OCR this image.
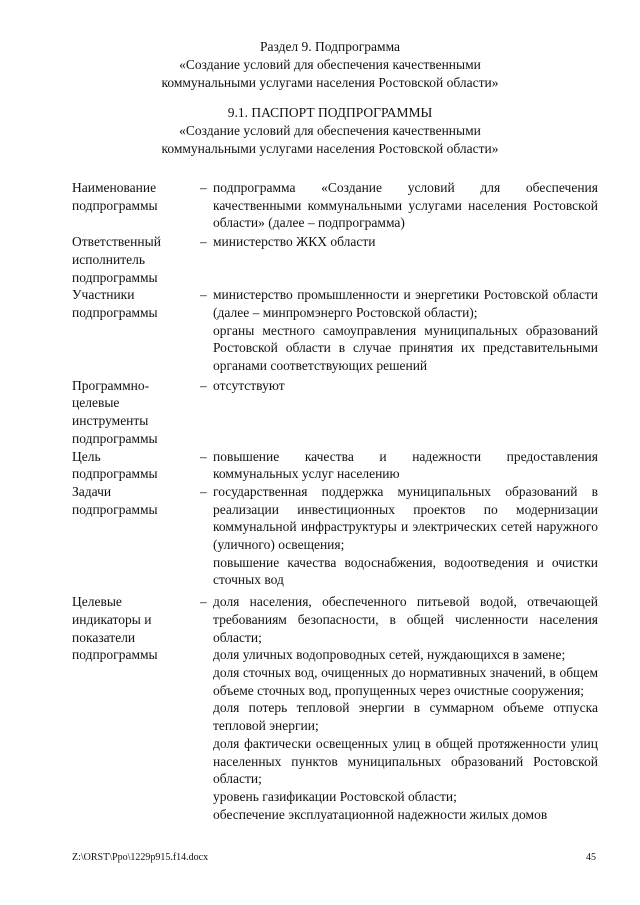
Раздел 9. Подпрограмма
«Создание условий для обеспечения качественными
коммунальными услугами населения Ростовской области»
9.1. ПАСПОРТ ПОДПРОГРАММЫ
«Создание условий для обеспечения качественными
коммунальными услугами населения Ростовской области»
Наименование
подпрограммы
– подпрограмма «Создание условий для обеспечения качественными коммунальными услугами населения Ростовской области» (далее – подпрограмма)

Ответственный
исполнитель
подпрограммы
– министерство ЖКХ области

Участники
подпрограммы
– министерство промышленности и энергетики Ростовской области (далее – минпромэнерго Ростовской области);

органы местного самоуправления муниципальных образований Ростовской области в случае принятия их представительными органами соответствующих решений

Программно-
целевые
инструменты
подпрограммы
– отсутствуют

Цель
подпрограммы
– повышение качества и надежности предоставления коммунальных услуг населению

Задачи
подпрограммы
– государственная поддержка муниципальных образований в реализации инвестиционных проектов по модернизации коммунальной инфраструктуры и электрических сетей наружного (уличного) освещения;

повышение качества водоснабжения, водоотведения и очистки сточных вод

Целевые
индикаторы и
показатели
подпрограммы
– доля населения, обеспеченного питьевой водой, отвечающей требованиям безопасности, в общей численности населения области;

доля уличных водопроводных сетей, нуждающихся в замене;

доля сточных вод, очищенных до нормативных значений, в общем объеме сточных вод, пропущенных через очистные сооружения;

доля потерь тепловой энергии в суммарном объеме отпуска тепловой энергии;

доля фактически освещенных улиц в общей протяженности улиц населенных пунктов муниципальных образований Ростовской области;

уровень газификации Ростовской области;

обеспечение эксплуатационной надежности жилых домов

Z:\ORST\Ppo\1229p915.f14.docx	45
